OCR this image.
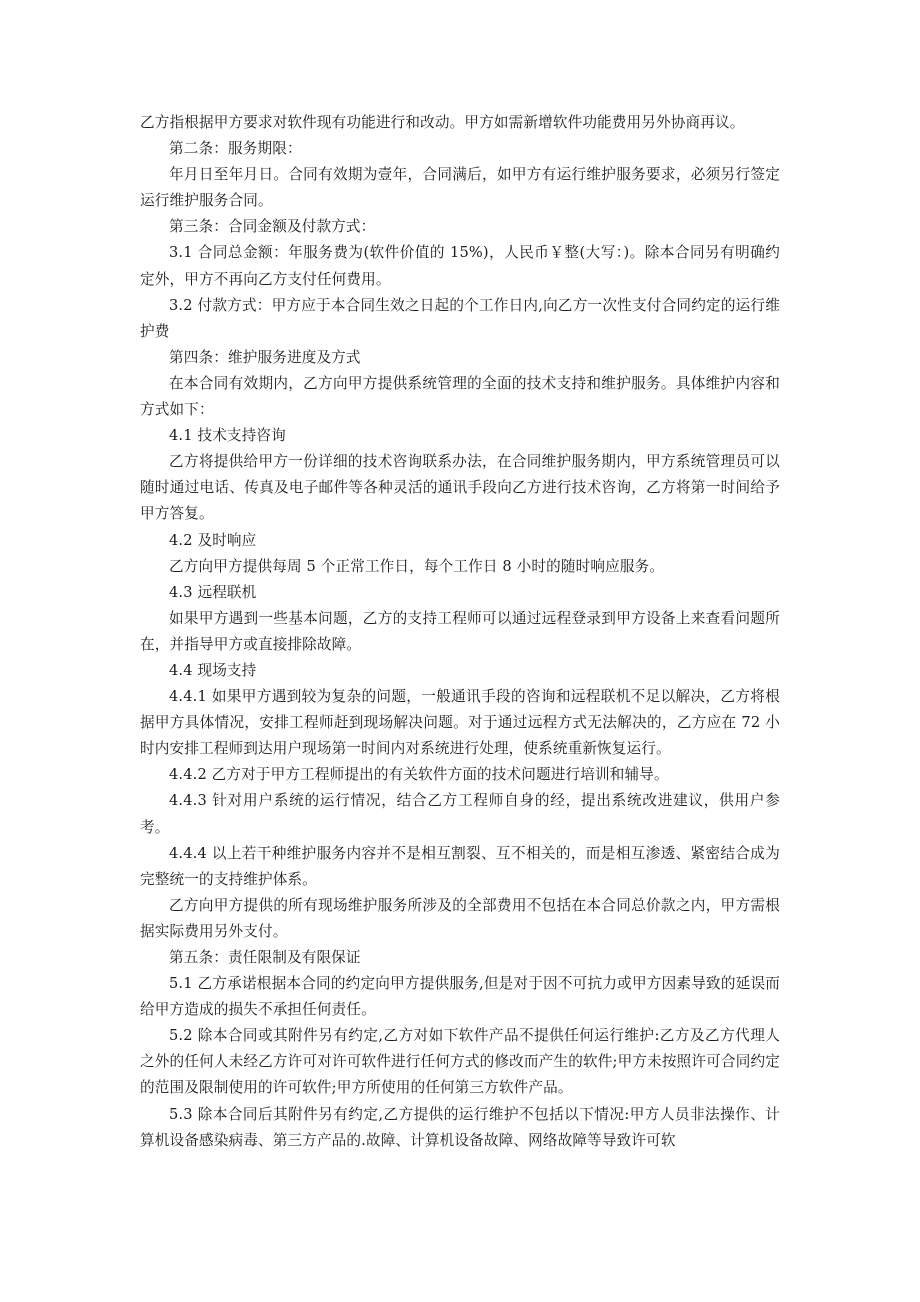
乙方指根据甲方要求对软件现有功能进行和改动。甲方如需新增软件功能费用另外协商再议。

第二条：服务期限：

年月日至年月日。合同有效期为壹年，合同满后，如甲方有运行维护服务要求，必须另行签定运行维护服务合同。

第三条：合同金额及付款方式：

3.1 合同总金额：年服务费为(软件价值的 15%)，人民币￥整(大写：)。除本合同另有明确约定外，甲方不再向乙方支付任何费用。

3.2 付款方式：甲方应于本合同生效之日起的个工作日内,向乙方一次性支付合同约定的运行维护费

第四条：维护服务进度及方式

在本合同有效期内，乙方向甲方提供系统管理的全面的技术支持和维护服务。具体维护内容和方式如下：

4.1 技术支持咨询

乙方将提供给甲方一份详细的技术咨询联系办法，在合同维护服务期内，甲方系统管理员可以随时通过电话、传真及电子邮件等各种灵活的通讯手段向乙方进行技术咨询，乙方将第一时间给予甲方答复。

4.2 及时响应

乙方向甲方提供每周 5 个正常工作日，每个工作日 8 小时的随时响应服务。

4.3 远程联机

如果甲方遇到一些基本问题，乙方的支持工程师可以通过远程登录到甲方设备上来查看问题所在，并指导甲方或直接排除故障。

4.4 现场支持

4.4.1 如果甲方遇到较为复杂的问题，一般通讯手段的咨询和远程联机不足以解决，乙方将根据甲方具体情况，安排工程师赶到现场解决问题。对于通过远程方式无法解决的，乙方应在 72 小时内安排工程师到达用户现场第一时间内对系统进行处理，使系统重新恢复运行。

4.4.2 乙方对于甲方工程师提出的有关软件方面的技术问题进行培训和辅导。

4.4.3 针对用户系统的运行情况，结合乙方工程师自身的经，提出系统改进建议，供用户参考。

4.4.4 以上若干种维护服务内容并不是相互割裂、互不相关的，而是相互渗透、紧密结合成为完整统一的支持维护体系。

乙方向甲方提供的所有现场维护服务所涉及的全部费用不包括在本合同总价款之内，甲方需根据实际费用另外支付。

第五条：责任限制及有限保证

5.1 乙方承诺根据本合同的约定向甲方提供服务,但是对于因不可抗力或甲方因素导致的延误而给甲方造成的损失不承担任何责任。

5.2 除本合同或其附件另有约定,乙方对如下软件产品不提供任何运行维护:乙方及乙方代理人之外的任何人未经乙方许可对许可软件进行任何方式的修改而产生的软件;甲方未按照许可合同约定的范围及限制使用的许可软件;甲方所使用的任何第三方软件产品。

5.3 除本合同后其附件另有约定,乙方提供的运行维护不包括以下情况:甲方人员非法操作、计算机设备感染病毒、第三方产品的.故障、计算机设备故障、网络故障等导致许可软
